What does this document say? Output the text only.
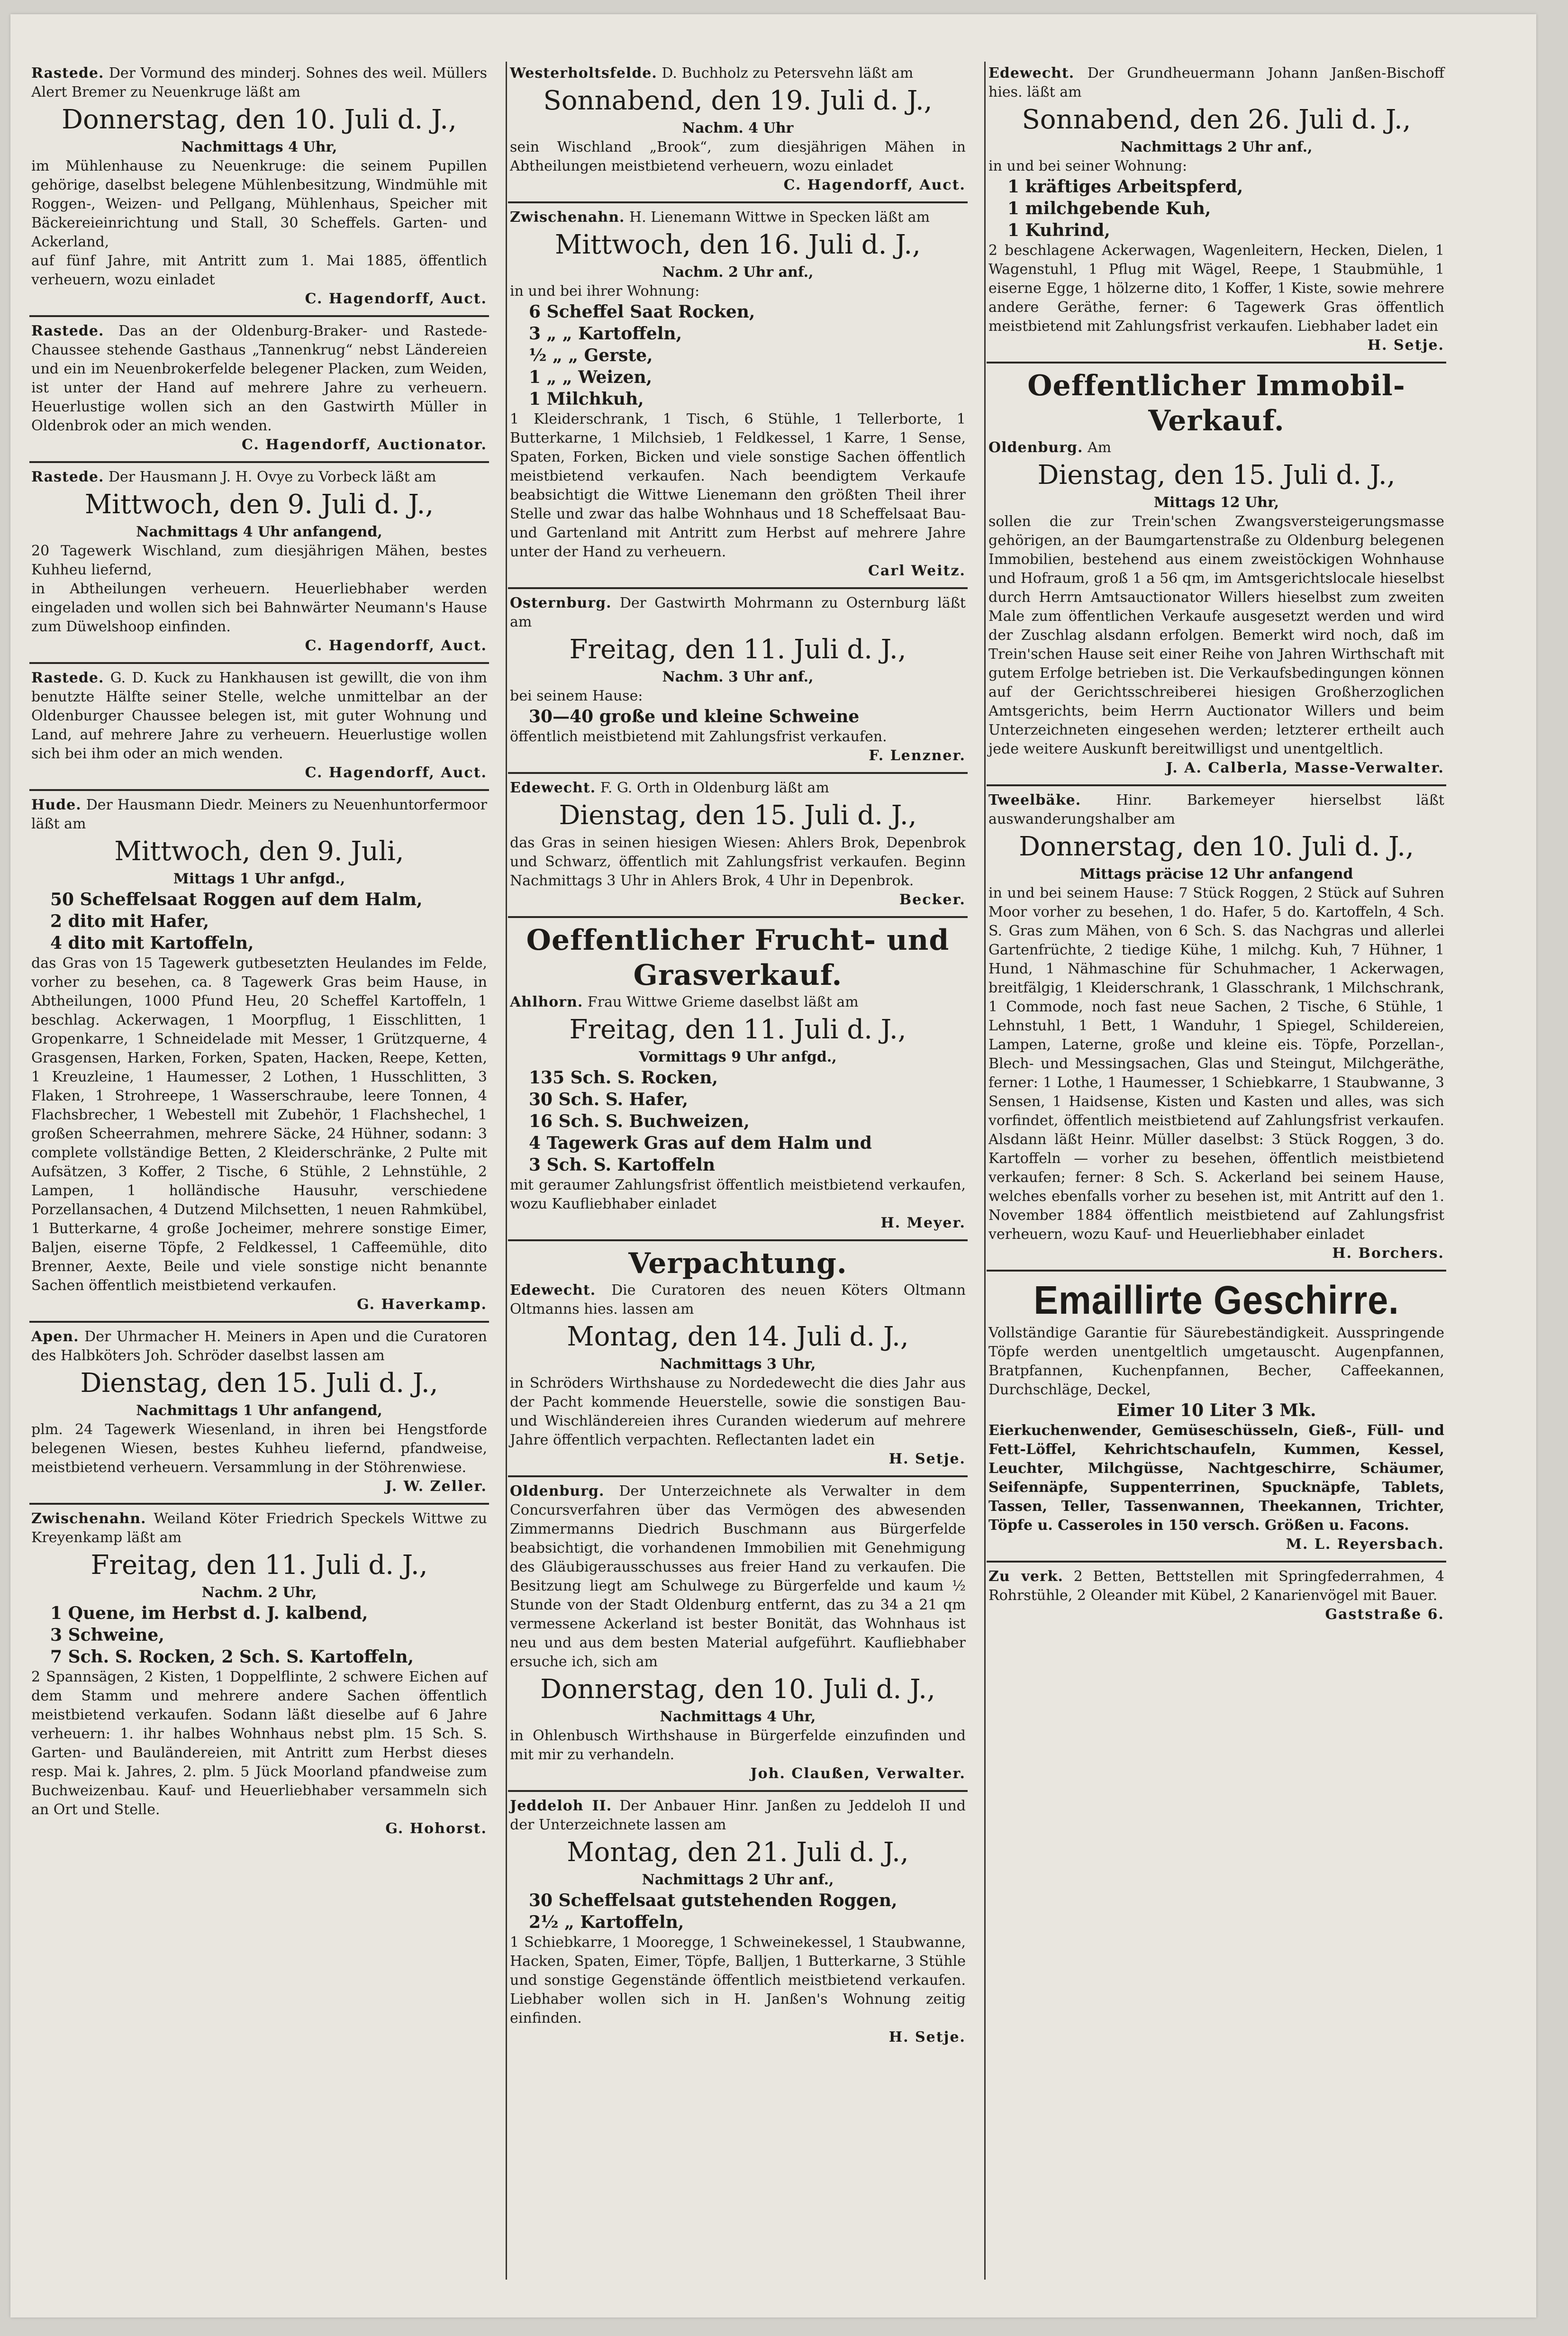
Rastede. Der Vormund des minderj. Sohnes des weil. Müllers Alert Bremer zu Neuenkruge läßt am

Donnerstag, den 10. Juli d. J.,
Nachmittags 4 Uhr,

im Mühlenhause zu Neuenkruge: die seinem Pupillen gehörige, daselbst belegene Mühlenbesitzung, Windmühle mit Roggen-, Weizen- und Pellgang, Mühlenhaus, Speicher mit Bäckereieinrichtung und Stall, 30 Scheffels. Garten- und Ackerland,

auf fünf Jahre, mit Antritt zum 1. Mai 1885, öffentlich verheuern, wozu einladet

C. Hagendorff, Auct.

Rastede. Das an der Oldenburg-Braker- und Rastede-Chaussee stehende Gasthaus „Tannenkrug“ nebst Ländereien und ein im Neuenbrokerfelde belegener Placken, zum Weiden, ist unter der Hand auf mehrere Jahre zu verheuern. Heuerlustige wollen sich an den Gastwirth Müller in Oldenbrok oder an mich wenden.

C. Hagendorff, Auctionator.

Rastede. Der Hausmann J. H. Ovye zu Vorbeck läßt am

Mittwoch, den 9. Juli d. J.,
Nachmittags 4 Uhr anfangend,

20 Tagewerk Wischland, zum diesjährigen Mähen, bestes Kuhheu liefernd,

in Abtheilungen verheuern. Heuerliebhaber werden eingeladen und wollen sich bei Bahnwärter Neumann's Hause zum Düwelshoop einfinden.

C. Hagendorff, Auct.

Rastede. G. D. Kuck zu Hankhausen ist gewillt, die von ihm benutzte Hälfte seiner Stelle, welche unmittelbar an der Oldenburger Chaussee belegen ist, mit guter Wohnung und Land, auf mehrere Jahre zu verheuern. Heuerlustige wollen sich bei ihm oder an mich wenden.

C. Hagendorff, Auct.

Hude. Der Hausmann Diedr. Meiners zu Neuenhuntorfermoor läßt am

Mittwoch, den 9. Juli,
Mittags 1 Uhr anfgd.,
50 Scheffelsaat Roggen auf dem Halm,
2 dito mit Hafer,
4 dito mit Kartoffeln,

das Gras von 15 Tagewerk gutbesetzten Heulandes im Felde, vorher zu besehen, ca. 8 Tagewerk Gras beim Hause, in Abtheilungen, 1000 Pfund Heu, 20 Scheffel Kartoffeln, 1 beschlag. Ackerwagen, 1 Moorpflug, 1 Eisschlitten, 1 Gropenkarre, 1 Schneidelade mit Messer, 1 Grützquerne, 4 Grasgensen, Harken, Forken, Spaten, Hacken, Reepe, Ketten, 1 Kreuzleine, 1 Haumesser, 2 Lothen, 1 Husschlitten, 3 Flaken, 1 Strohreepe, 1 Wasserschraube, leere Tonnen, 4 Flachsbrecher, 1 Webestell mit Zubehör, 1 Flachshechel, 1 großen Scheerrahmen, mehrere Säcke, 24 Hühner, sodann: 3 complete vollständige Betten, 2 Kleiderschränke, 2 Pulte mit Aufsätzen, 3 Koffer, 2 Tische, 6 Stühle, 2 Lehnstühle, 2 Lampen, 1 holländische Hausuhr, verschiedene Porzellansachen, 4 Dutzend Milchsetten, 1 neuen Rahmkübel, 1 Butterkarne, 4 große Jocheimer, mehrere sonstige Eimer, Baljen, eiserne Töpfe, 2 Feldkessel, 1 Caffeemühle, dito Brenner, Aexte, Beile und viele sonstige nicht benannte Sachen öffentlich meistbietend verkaufen.

G. Haverkamp.

Apen. Der Uhrmacher H. Meiners in Apen und die Curatoren des Halbköters Joh. Schröder daselbst lassen am

Dienstag, den 15. Juli d. J.,
Nachmittags 1 Uhr anfangend,

plm. 24 Tagewerk Wiesenland, in ihren bei Hengstforde belegenen Wiesen, bestes Kuhheu liefernd, pfandweise, meistbietend verheuern. Versammlung in der Stöhrenwiese.

J. W. Zeller.

Zwischenahn. Weiland Köter Friedrich Speckels Wittwe zu Kreyenkamp läßt am

Freitag, den 11. Juli d. J.,
Nachm. 2 Uhr,
1 Quene, im Herbst d. J. kalbend,
3 Schweine,
7 Sch. S. Rocken, 2 Sch. S. Kartoffeln,

2 Spannsägen, 2 Kisten, 1 Doppelflinte, 2 schwere Eichen auf dem Stamm und mehrere andere Sachen öffentlich meistbietend verkaufen. Sodann läßt dieselbe auf 6 Jahre verheuern: 1. ihr halbes Wohnhaus nebst plm. 15 Sch. S. Garten- und Bauländereien, mit Antritt zum Herbst dieses resp. Mai k. Jahres, 2. plm. 5 Jück Moorland pfandweise zum Buchweizenbau. Kauf- und Heuerliebhaber versammeln sich an Ort und Stelle.

G. Hohorst.

Westerholtsfelde. D. Buchholz zu Petersvehn läßt am

Sonnabend, den 19. Juli d. J.,
Nachm. 4 Uhr

sein Wischland „Brook“, zum diesjährigen Mähen in Abtheilungen meistbietend verheuern, wozu einladet

C. Hagendorff, Auct.

Zwischenahn. H. Lienemann Wittwe in Specken läßt am

Mittwoch, den 16. Juli d. J.,
Nachm. 2 Uhr anf.,

in und bei ihrer Wohnung:

6 Scheffel Saat Rocken,
3 „ „ Kartoffeln,
½ „ „ Gerste,
1 „ „ Weizen,
1 Milchkuh,

1 Kleiderschrank, 1 Tisch, 6 Stühle, 1 Tellerborte, 1 Butterkarne, 1 Milchsieb, 1 Feldkessel, 1 Karre, 1 Sense, Spaten, Forken, Bicken und viele sonstige Sachen öffentlich meistbietend verkaufen. Nach beendigtem Verkaufe beabsichtigt die Wittwe Lienemann den größten Theil ihrer Stelle und zwar das halbe Wohnhaus und 18 Scheffelsaat Bau- und Gartenland mit Antritt zum Herbst auf mehrere Jahre unter der Hand zu verheuern.

Carl Weitz.

Osternburg. Der Gastwirth Mohrmann zu Osternburg läßt am

Freitag, den 11. Juli d. J.,
Nachm. 3 Uhr anf.,

bei seinem Hause:

30—40 große und kleine Schweine

öffentlich meistbietend mit Zahlungsfrist verkaufen.

F. Lenzner.

Edewecht. F. G. Orth in Oldenburg läßt am

Dienstag, den 15. Juli d. J.,

das Gras in seinen hiesigen Wiesen: Ahlers Brok, Depenbrok und Schwarz, öffentlich mit Zahlungsfrist verkaufen. Beginn Nachmittags 3 Uhr in Ahlers Brok, 4 Uhr in Depenbrok.

Becker.
Oeffentlicher Frucht- und Grasverkauf.

Ahlhorn. Frau Wittwe Grieme daselbst läßt am

Freitag, den 11. Juli d. J.,
Vormittags 9 Uhr anfgd.,
135 Sch. S. Rocken,
30 Sch. S. Hafer,
16 Sch. S. Buchweizen,
4 Tagewerk Gras auf dem Halm und
3 Sch. S. Kartoffeln

mit geraumer Zahlungsfrist öffentlich meistbietend verkaufen, wozu Kaufliebhaber einladet

H. Meyer.
Verpachtung.

Edewecht. Die Curatoren des neuen Köters Oltmann Oltmanns hies. lassen am

Montag, den 14. Juli d. J.,
Nachmittags 3 Uhr,

in Schröders Wirthshause zu Nordedewecht die dies Jahr aus der Pacht kommende Heuerstelle, sowie die sonstigen Bau- und Wischländereien ihres Curanden wiederum auf mehrere Jahre öffentlich verpachten. Reflectanten ladet ein

H. Setje.

Oldenburg. Der Unterzeichnete als Verwalter in dem Concursverfahren über das Vermögen des abwesenden Zimmermanns Diedrich Buschmann aus Bürgerfelde beabsichtigt, die vorhandenen Immobilien mit Genehmigung des Gläubigerausschusses aus freier Hand zu verkaufen. Die Besitzung liegt am Schulwege zu Bürgerfelde und kaum ½ Stunde von der Stadt Oldenburg entfernt, das zu 34 a 21 qm vermessene Ackerland ist bester Bonität, das Wohnhaus ist neu und aus dem besten Material aufgeführt. Kaufliebhaber ersuche ich, sich am

Donnerstag, den 10. Juli d. J.,
Nachmittags 4 Uhr,

in Ohlenbusch Wirthshause in Bürgerfelde einzufinden und mit mir zu verhandeln.

Joh. Claußen, Verwalter.

Jeddeloh II. Der Anbauer Hinr. Janßen zu Jeddeloh II und der Unterzeichnete lassen am

Montag, den 21. Juli d. J.,
Nachmittags 2 Uhr anf.,
30 Scheffelsaat gutstehenden Roggen,
2½ „ Kartoffeln,

1 Schiebkarre, 1 Mooregge, 1 Schweinekessel, 1 Staubwanne, Hacken, Spaten, Eimer, Töpfe, Balljen, 1 Butterkarne, 3 Stühle und sonstige Gegenstände öffentlich meistbietend verkaufen. Liebhaber wollen sich in H. Janßen's Wohnung zeitig einfinden.

H. Setje.

Edewecht. Der Grundheuermann Johann Janßen-Bischoff hies. läßt am

Sonnabend, den 26. Juli d. J.,
Nachmittags 2 Uhr anf.,

in und bei seiner Wohnung:

1 kräftiges Arbeitspferd,
1 milchgebende Kuh,
1 Kuhrind,

2 beschlagene Ackerwagen, Wagenleitern, Hecken, Dielen, 1 Wagenstuhl, 1 Pflug mit Wägel, Reepe, 1 Staubmühle, 1 eiserne Egge, 1 hölzerne dito, 1 Koffer, 1 Kiste, sowie mehrere andere Geräthe, ferner: 6 Tagewerk Gras öffentlich meistbietend mit Zahlungsfrist verkaufen. Liebhaber ladet ein

H. Setje.
Oeffentlicher Immobil-Verkauf.

Oldenburg. Am

Dienstag, den 15. Juli d. J.,
Mittags 12 Uhr,

sollen die zur Trein'schen Zwangsversteigerungsmasse gehörigen, an der Baumgartenstraße zu Oldenburg belegenen Immobilien, bestehend aus einem zweistöckigen Wohnhause und Hofraum, groß 1 a 56 qm, im Amtsgerichtslocale hieselbst durch Herrn Amtsauctionator Willers hieselbst zum zweiten Male zum öffentlichen Verkaufe ausgesetzt werden und wird der Zuschlag alsdann erfolgen. Bemerkt wird noch, daß im Trein'schen Hause seit einer Reihe von Jahren Wirthschaft mit gutem Erfolge betrieben ist. Die Verkaufsbedingungen können auf der Gerichtsschreiberei hiesigen Großherzoglichen Amtsgerichts, beim Herrn Auctionator Willers und beim Unterzeichneten eingesehen werden; letzterer ertheilt auch jede weitere Auskunft bereitwilligst und unentgeltlich.

J. A. Calberla, Masse-Verwalter.

Tweelbäke. Hinr. Barkemeyer hierselbst läßt auswanderungshalber am

Donnerstag, den 10. Juli d. J.,
Mittags präcise 12 Uhr anfangend

in und bei seinem Hause: 7 Stück Roggen, 2 Stück auf Suhren Moor vorher zu besehen, 1 do. Hafer, 5 do. Kartoffeln, 4 Sch. S. Gras zum Mähen, von 6 Sch. S. das Nachgras und allerlei Gartenfrüchte, 2 tiedige Kühe, 1 milchg. Kuh, 7 Hühner, 1 Hund, 1 Nähmaschine für Schuhmacher, 1 Ackerwagen, breitfälgig, 1 Kleiderschrank, 1 Glasschrank, 1 Milchschrank, 1 Commode, noch fast neue Sachen, 2 Tische, 6 Stühle, 1 Lehnstuhl, 1 Bett, 1 Wanduhr, 1 Spiegel, Schildereien, Lampen, Laterne, große und kleine eis. Töpfe, Porzellan-, Blech- und Messingsachen, Glas und Steingut, Milchgeräthe, ferner: 1 Lothe, 1 Haumesser, 1 Schiebkarre, 1 Staubwanne, 3 Sensen, 1 Haidsense, Kisten und Kasten und alles, was sich vorfindet, öffentlich meistbietend auf Zahlungsfrist verkaufen. Alsdann läßt Heinr. Müller daselbst: 3 Stück Roggen, 3 do. Kartoffeln — vorher zu besehen, öffentlich meistbietend verkaufen; ferner: 8 Sch. S. Ackerland bei seinem Hause, welches ebenfalls vorher zu besehen ist, mit Antritt auf den 1. November 1884 öffentlich meistbietend auf Zahlungsfrist verheuern, wozu Kauf- und Heuerliebhaber einladet

H. Borchers.
Emaillirte Geschirre.

Vollständige Garantie für Säurebeständigkeit. Ausspringende Töpfe werden unentgeltlich umgetauscht. Augenpfannen, Bratpfannen, Kuchenpfannen, Becher, Caffeekannen, Durchschläge, Deckel,

Eimer 10 Liter 3 Mk.

Eierkuchenwender, Gemüseschüsseln, Gieß-, Füll- und Fett-Löffel, Kehrichtschaufeln, Kummen, Kessel, Leuchter, Milchgüsse, Nachtgeschirre, Schäumer, Seifennäpfe, Suppenterrinen, Spucknäpfe, Tablets, Tassen, Teller, Tassenwannen, Theekannen, Trichter, Töpfe u. Casseroles in 150 versch. Größen u. Facons.

M. L. Reyersbach.

Zu verk. 2 Betten, Bettstellen mit Springfederrahmen, 4 Rohrstühle, 2 Oleander mit Kübel, 2 Kanarienvögel mit Bauer.

Gaststraße 6.
